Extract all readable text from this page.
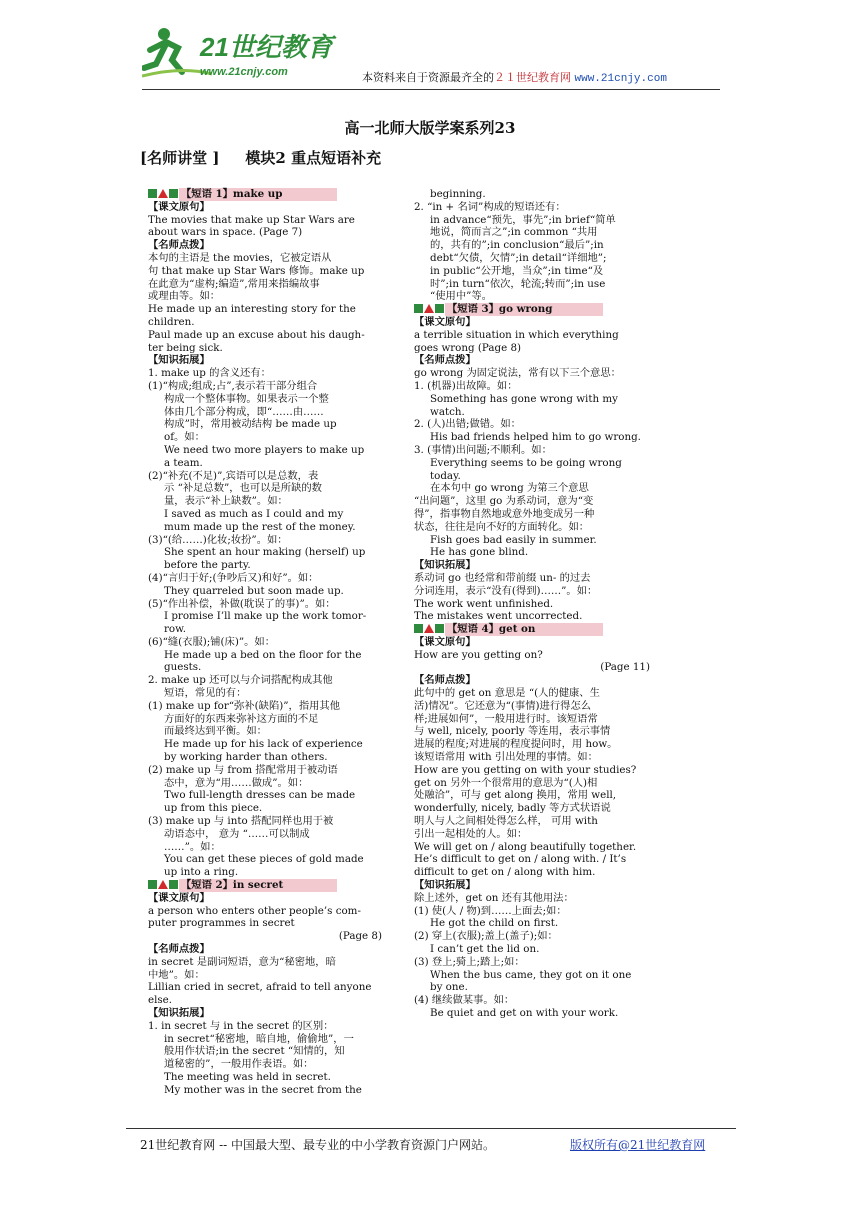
21世纪教育
www.21cnjy.com	本资料来自于资源最齐全的２１世纪教育网 www.21cnjy.com
高一北师大版学案系列23
[名师讲堂 ] 模块2 重点短语补充
【短语 1】make up
【课文原句】
The movies that make up Star Wars are
about wars in space. (Page 7)
【名师点拨】
本句的主语是 the movies，它被定语从
句 that make up Star Wars 修饰。make up
在此意为“虚构;编造”,常用来指编故事
或理由等。如：
He made up an interesting story for the
children.
Paul made up an excuse about his daugh-
ter being sick.
【知识拓展】
1. make up 的含义还有：
(1)“构成;组成;占”,表示若干部分组合
构成一个整体事物。如果表示一个整
体由几个部分构成，即“……由……
构成”时，常用被动结构 be made up
of。如：
We need two more players to make up
a team.
(2)“补充(不足)”,宾语可以是总数，表
示 “补足总数”，也可以是所缺的数
量，表示“补上缺数”。如：
I saved as much as I could and my
mum made up the rest of the money.
(3)“(给……)化妆;妆扮”。如：
She spent an hour making (herself) up
before the party.
(4)“言归于好;(争吵后又)和好”。如：
They quarreled but soon made up.
(5)“作出补偿，补做(耽误了的事)”。如：
I promise I’ll make up the work tomor-
row.
(6)“缝(衣服);铺(床)”。如：
He made up a bed on the floor for the
guests.
2. make up 还可以与介词搭配构成其他
短语，常见的有：
(1) make up for“弥补(缺陷)”，指用其他
方面好的东西来弥补这方面的不足
而最终达到平衡。如：
He made up for his lack of experience
by working harder than others.
(2) make up 与 from 搭配常用于被动语
态中，意为“用……做成”。如：
Two full-length dresses can be made
up from this piece.
(3) make up 与 into 搭配同样也用于被
动语态中， 意为 “……可以制成
……”。如：
You can get these pieces of gold made
up into a ring.
【短语 2】in secret
【课文原句】
a person who enters other people’s com-
puter programmes in secret
(Page 8)
【名师点拨】
in secret 是副词短语，意为“秘密地，暗
中地”。如：
Lillian cried in secret, afraid to tell anyone
else.
【知识拓展】
1. in secret 与 in the secret 的区别：
in secret“秘密地，暗自地，偷偷地”，一
般用作状语;in the secret “知情的，知
道秘密的”，一般用作表语。如：
The meeting was held in secret.
My mother was in the secret from the
beginning.
2. “in + 名词”构成的短语还有：
in advance“预先，事先”;in brief“简单
地说，简而言之”;in common “共用
的，共有的”;in conclusion“最后”;in
debt“欠债，欠情”;in detail“详细地”;
in public“公开地，当众”;in time“及
时”;in turn“依次，轮流;转而”;in use
“使用中”等。
【短语 3】go wrong
【课文原句】
a terrible situation in which everything
goes wrong (Page 8)
【名师点拨】
go wrong 为固定说法，常有以下三个意思：
1. (机器)出故障。如：
Something has gone wrong with my
watch.
2. (人)出错;做错。如：
His bad friends helped him to go wrong.
3. (事情)出问题;不顺利。如：
Everything seems to be going wrong
today.
在本句中 go wrong 为第三个意思
“出问题”，这里 go 为系动词，意为“变
得”，指事物自然地或意外地变成另一种
状态，往往是向不好的方面转化。如：
Fish goes bad easily in summer.
He has gone blind.
【知识拓展】
系动词 go 也经常和带前缀 un- 的过去
分词连用，表示“没有(得到)……”。如：
The work went unfinished.
The mistakes went uncorrected.
【短语 4】get on
【课文原句】
How are you getting on?
(Page 11)
【名师点拨】
此句中的 get on 意思是 “(人的健康、生
活)情况”。它还意为“(事情)进行得怎么
样;进展如何”，一般用进行时。该短语常
与 well, nicely, poorly 等连用，表示事情
进展的程度;对进展的程度提问时，用 how。
该短语常用 with 引出处理的事情。如：
How are you getting on with your studies?
get on 另外一个很常用的意思为“(人)相
处融洽”，可与 get along 换用，常用 well,
wonderfully, nicely, badly 等方式状语说
明人与人之间相处得怎么样， 可用 with
引出一起相处的人。如：
We will get on / along beautifully together.
He’s difficult to get on / along with. / It’s
difficult to get on / along with him.
【知识拓展】
除上述外，get on 还有其他用法：
(1) 使(人 / 物)到……上面去;如：
He got the child on first.
(2) 穿上(衣服);盖上(盖子);如：
I can’t get the lid on.
(3) 登上;骑上;踏上;如：
When the bus came, they got on it one
by one.
(4) 继续做某事。如：
Be quiet and get on with your work.
21世纪教育网 -- 中国最大型、最专业的中小学教育资源门户网站。	版权所有@21世纪教育网
